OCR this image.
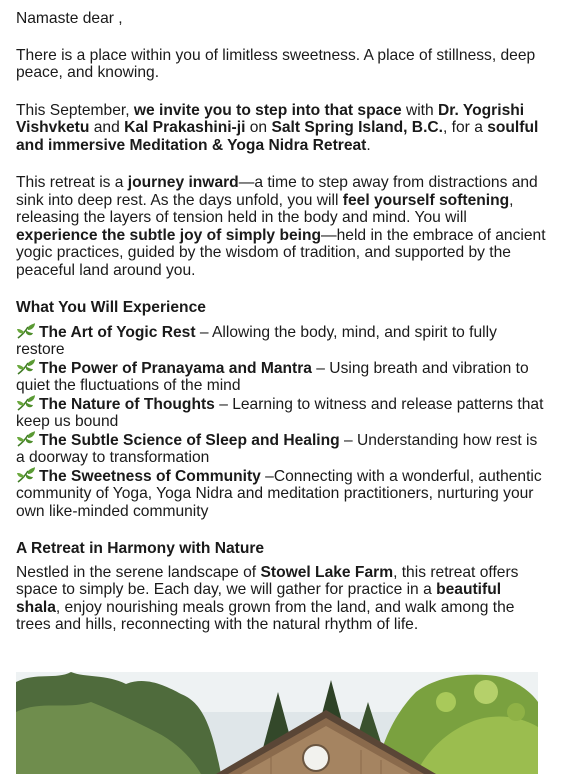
Namaste dear ,

There is a place within you of limitless sweetness. A place of stillness, deep peace, and knowing.

This September, we invite you to step into that space with Dr. Yogrishi Vishvketu and Kal Prakashini-ji on Salt Spring Island, B.C., for a soulful and immersive Meditation & Yoga Nidra Retreat.

This retreat is a journey inward—a time to step away from distractions and sink into deep rest. As the days unfold, you will feel yourself softening, releasing the layers of tension held in the body and mind. You will experience the subtle joy of simply being—held in the embrace of ancient yogic practices, guided by the wisdom of tradition, and supported by the peaceful land around you.

What You Will Experience

The Art of Yogic Rest – Allowing the body, mind, and spirit to fully restore

The Power of Pranayama and Mantra – Using breath and vibration to quiet the fluctuations of the mind

The Nature of Thoughts – Learning to witness and release patterns that keep us bound

The Subtle Science of Sleep and Healing – Understanding how rest is a doorway to transformation

The Sweetness of Community –Connecting with a wonderful, authentic community of Yoga, Yoga Nidra and meditation practitioners, nurturing your own like-minded community

A Retreat in Harmony with Nature

Nestled in the serene landscape of Stowel Lake Farm, this retreat offers space to simply be. Each day, we will gather for practice in a beautiful shala, enjoy nourishing meals grown from the land, and walk among the trees and hills, reconnecting with the natural rhythm of life.
